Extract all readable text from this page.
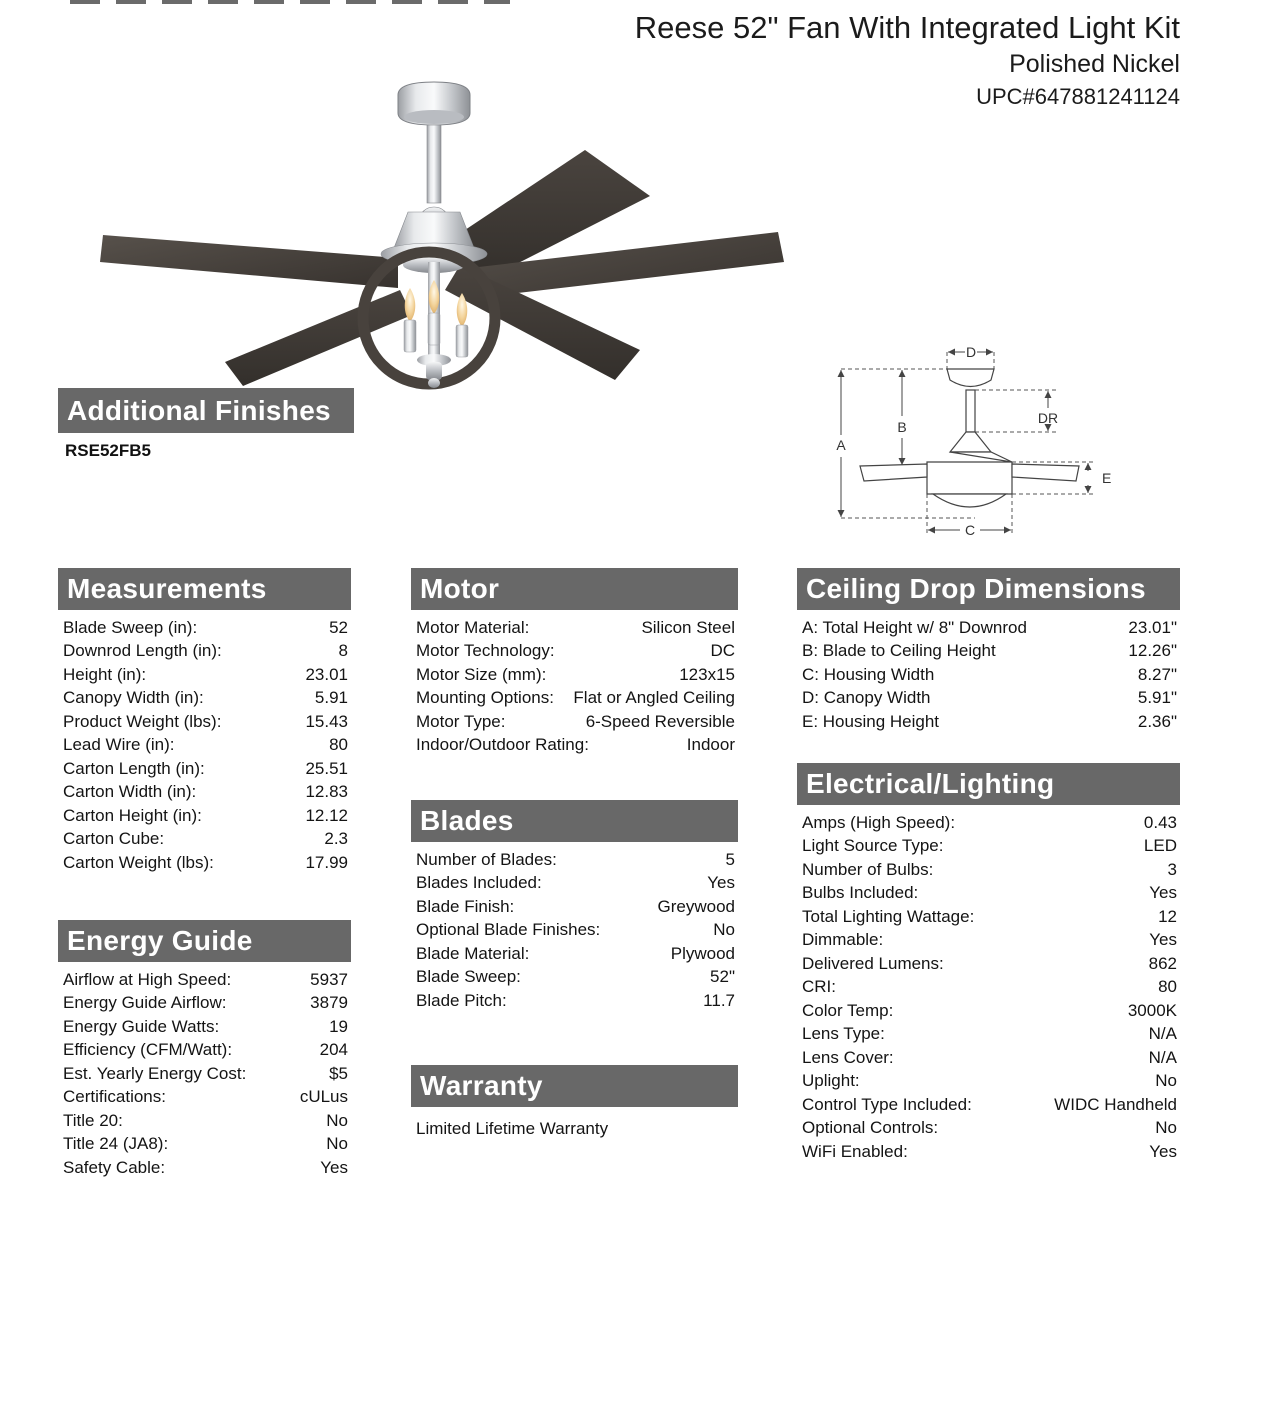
Reese 52" Fan With Integrated Light Kit
Polished Nickel
UPC#647881241124
D
A
B
DR
E
C
Additional Finishes
RSE52FB5
Measurements
Blade Sweep (in):	52
Downrod Length (in):	8
Height (in):	23.01
Canopy Width (in):	5.91
Product Weight (lbs):	15.43
Lead Wire (in):	80
Carton Length (in):	25.51
Carton Width (in):	12.83
Carton Height (in):	12.12
Carton Cube:	2.3
Carton Weight (lbs):	17.99
Energy Guide
Airflow at High Speed:	5937
Energy Guide Airflow:	3879
Energy Guide Watts:	19
Efficiency (CFM/Watt):	204
Est. Yearly Energy Cost:	$5
Certifications:	cULus
Title 20:	No
Title 24 (JA8):	No
Safety Cable:	Yes
Motor
Motor Material:	Silicon Steel
Motor Technology:	DC
Motor Size (mm):	123x15
Mounting Options: Flat or Angled Ceiling
Motor Type:	6-Speed Reversible
Indoor/Outdoor Rating:	Indoor
Blades
Number of Blades:	5
Blades Included:	Yes
Blade Finish:	Greywood
Optional Blade Finishes:	No
Blade Material:	Plywood
Blade Sweep:	52"
Blade Pitch:	11.7
Warranty
Limited Lifetime Warranty
Ceiling Drop Dimensions
A: Total Height w/ 8" Downrod	23.01"
B: Blade to Ceiling Height	12.26"
C: Housing Width	8.27"
D: Canopy Width	5.91"
E: Housing Height	2.36"
Electrical/Lighting
Amps (High Speed):	0.43
Light Source Type:	LED
Number of Bulbs:	3
Bulbs Included:	Yes
Total Lighting Wattage:	12
Dimmable:	Yes
Delivered Lumens:	862
CRI:	80
Color Temp:	3000K
Lens Type:	N/A
Lens Cover:	N/A
Uplight:	No
Control Type Included:	WIDC Handheld
Optional Controls:	No
WiFi Enabled:	Yes
